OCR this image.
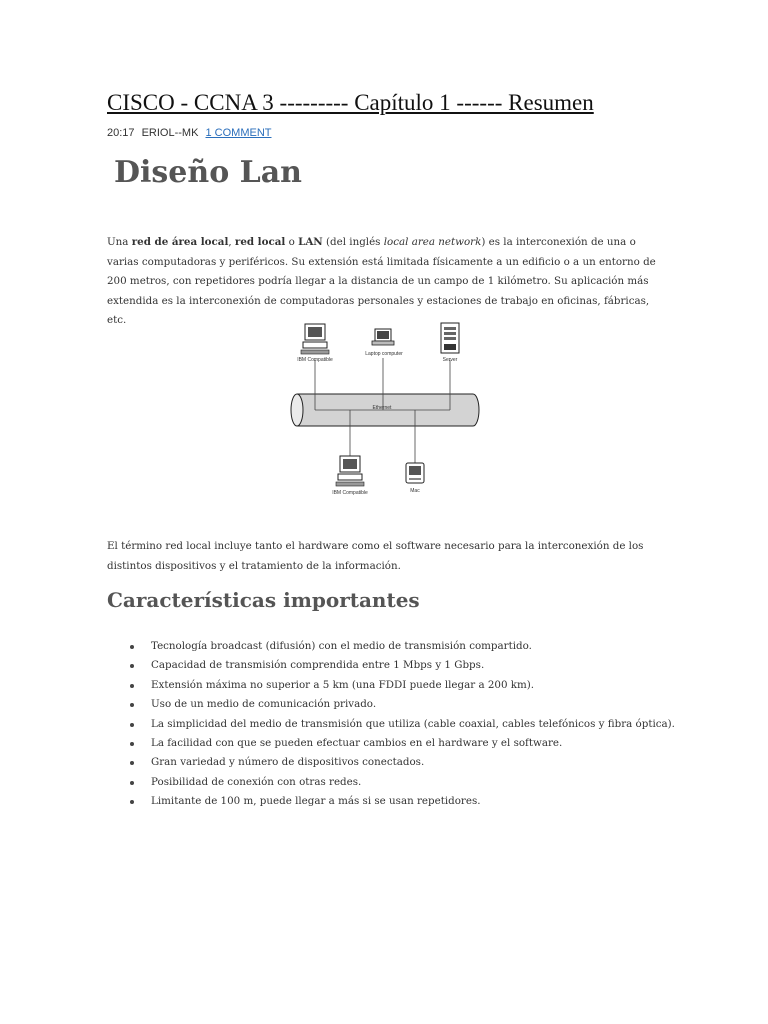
CISCO - CCNA 3 --------- Capítulo 1 ------ Resumen
20:17 ERIOL--MK 1 COMMENT
Diseño Lan

Una red de área local, red local o LAN (del inglés local area network) es la interconexión de una o varias computadoras y periféricos. Su extensión está limitada físicamente a un edificio o a un entorno de 200 metros, con repetidores podría llegar a la distancia de un campo de 1 kilómetro. Su aplicación más extendida es la interconexión de computadoras personales y estaciones de trabajo en oficinas, fábricas, etc.

Ethernet
IBM Compatible
Laptop computer
Server
IBM Compatible	Mac

El término red local incluye tanto el hardware como el software necesario para la interconexión de los distintos dispositivos y el tratamiento de la información.

Características importantes
Tecnología broadcast (difusión) con el medio de transmisión compartido.
Capacidad de transmisión comprendida entre 1 Mbps y 1 Gbps.
Extensión máxima no superior a 5 km (una FDDI puede llegar a 200 km).
Uso de un medio de comunicación privado.
La simplicidad del medio de transmisión que utiliza (cable coaxial, cables telefónicos y fibra óptica).
La facilidad con que se pueden efectuar cambios en el hardware y el software.
Gran variedad y número de dispositivos conectados.
Posibilidad de conexión con otras redes.
Limitante de 100 m, puede llegar a más si se usan repetidores.
